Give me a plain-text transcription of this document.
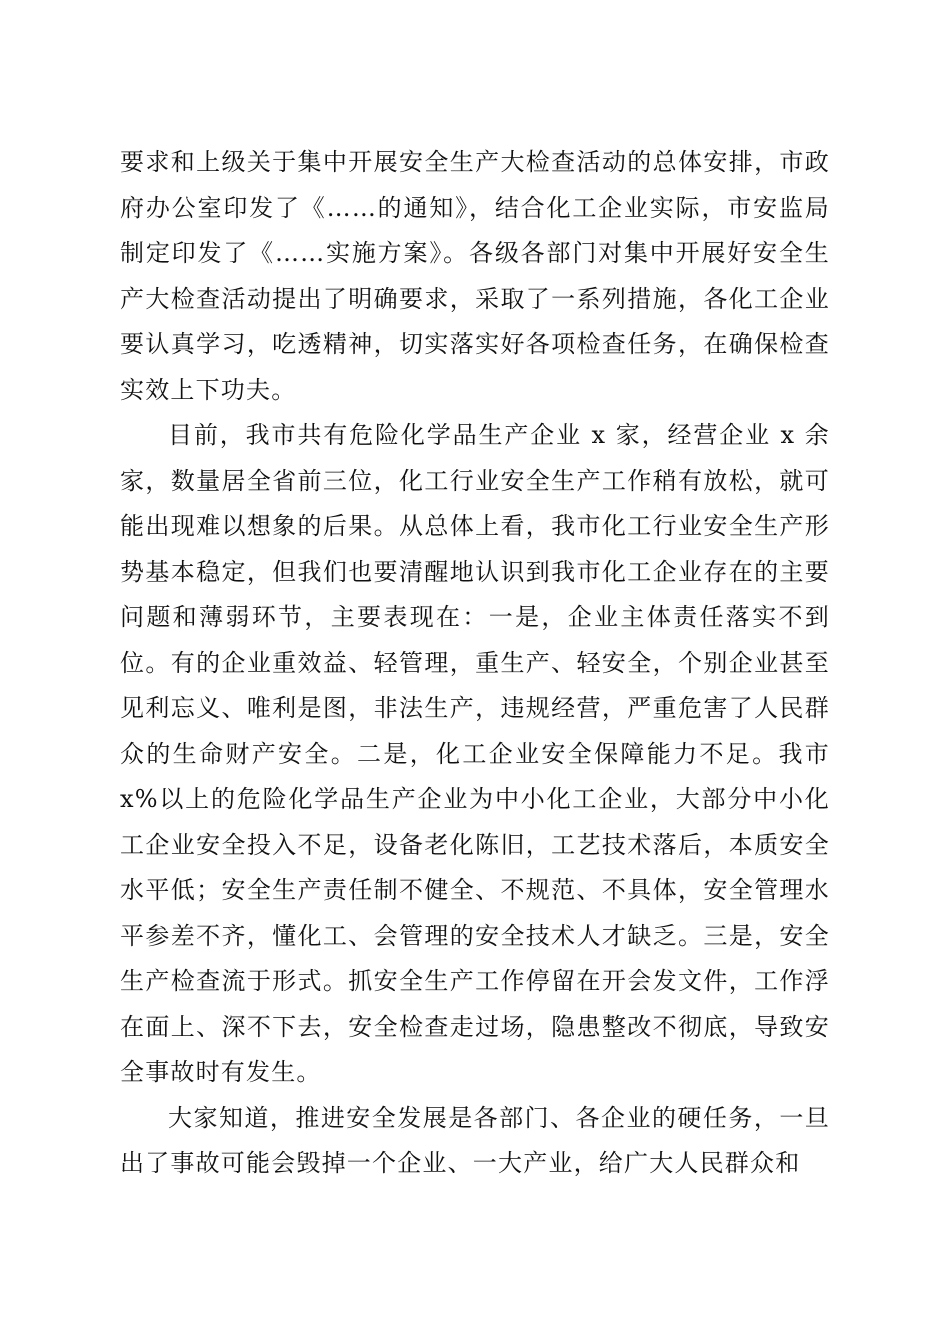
要求和上级关于集中开展安全生产大检查活动的总体安排，市政府办公室印发了《……的通知》，结合化工企业实际，市安监局制定印发了《……实施方案》。各级各部门对集中开展好安全生产大检查活动提出了明确要求，采取了一系列措施，各化工企业要认真学习，吃透精神，切实落实好各项检查任务，在确保检查实效上下功夫。

目前，我市共有危险化学品生产企业 x 家，经营企业 x 余家，数量居全省前三位，化工行业安全生产工作稍有放松，就可能出现难以想象的后果。从总体上看，我市化工行业安全生产形势基本稳定，但我们也要清醒地认识到我市化工企业存在的主要问题和薄弱环节，主要表现在：一是，企业主体责任落实不到位。有的企业重效益、轻管理，重生产、轻安全，个别企业甚至见利忘义、唯利是图，非法生产，违规经营，严重危害了人民群众的生命财产安全。二是，化工企业安全保障能力不足。我市 x%以上的危险化学品生产企业为中小化工企业，大部分中小化工企业安全投入不足，设备老化陈旧，工艺技术落后，本质安全水平低；安全生产责任制不健全、不规范、不具体，安全管理水平参差不齐，懂化工、会管理的安全技术人才缺乏。三是，安全生产检查流于形式。抓安全生产工作停留在开会发文件，工作浮在面上、深不下去，安全检查走过场，隐患整改不彻底，导致安全事故时有发生。

大家知道，推进安全发展是各部门、各企业的硬任务，一旦出了事故可能会毁掉一个企业、一大产业，给广大人民群众和
